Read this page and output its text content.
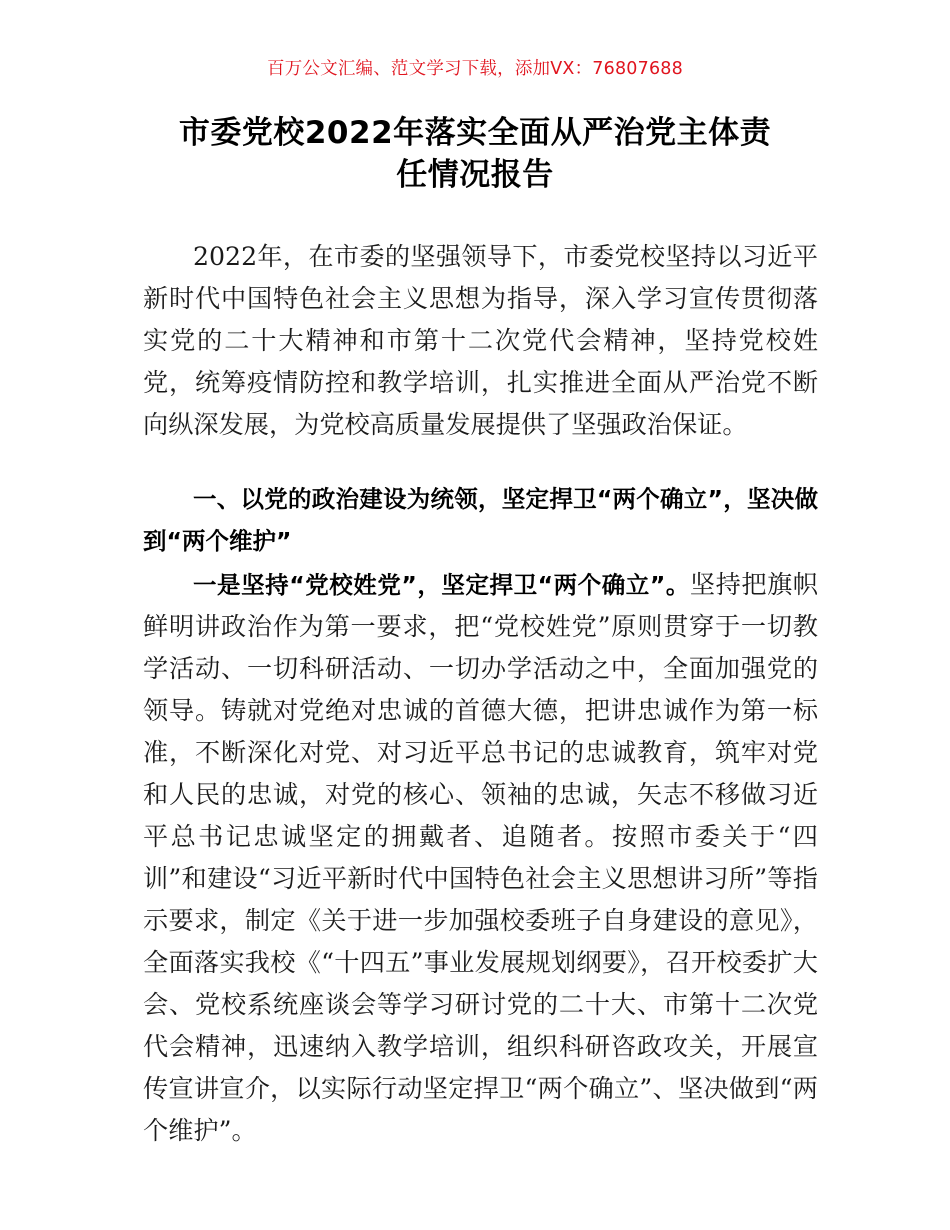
百万公文汇编、范文学习下载，添加VX：76807688
市委党校2022年落实全面从严治党主体责
任情况报告

2022年，在市委的坚强领导下，市委党校坚持以习近平新时代中国特色社会主义思想为指导，深入学习宣传贯彻落实党的二十大精神和市第十二次党代会精神，坚持党校姓党，统筹疫情防控和教学培训，扎实推进全面从严治党不断向纵深发展，为党校高质量发展提供了坚强政治保证。

一、以党的政治建设为统领，坚定捍卫“两个确立”，坚决做到“两个维护”

一是坚持“党校姓党”，坚定捍卫“两个确立”。坚持把旗帜鲜明讲政治作为第一要求，把“党校姓党”原则贯穿于一切教学活动、一切科研活动、一切办学活动之中，全面加强党的领导。铸就对党绝对忠诚的首德大德，把讲忠诚作为第一标准，不断深化对党、对习近平总书记的忠诚教育，筑牢对党和人民的忠诚，对党的核心、领袖的忠诚，矢志不移做习近平总书记忠诚坚定的拥戴者、追随者。按照市委关于“四训”和建设“习近平新时代中国特色社会主义思想讲习所”等指示要求，制定《关于进一步加强校委班子自身建设的意见》，全面落实我校《“十四五”事业发展规划纲要》，召开校委扩大会、党校系统座谈会等学习研讨党的二十大、市第十二次党代会精神，迅速纳入教学培训，组织科研咨政攻关，开展宣传宣讲宣介，以实际行动坚定捍卫“两个确立”、坚决做到“两个维护”。
